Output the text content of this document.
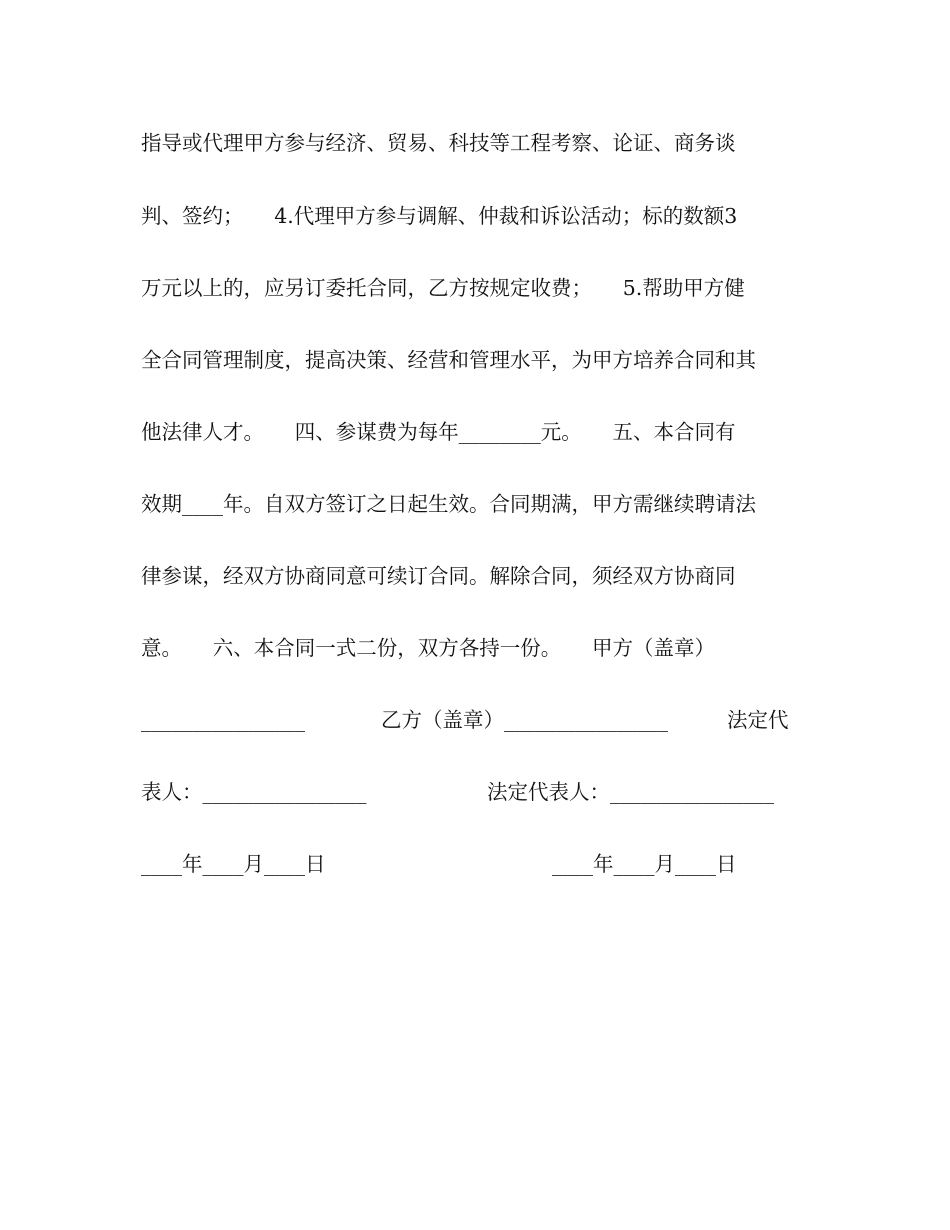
指导或代理甲方参与经济、贸易、科技等工程考察、论证、商务谈
判、签约；　　4.代理甲方参与调解、仲裁和诉讼活动；标的数额3
万元以上的，应另订委托合同，乙方按规定收费；　　5.帮助甲方健
全合同管理制度，提高决策、经营和管理水平，为甲方培养合同和其
他法律人才。　　四、参谋费为每年________元。　　五、本合同有
效期____年。自双方签订之日起生效。合同期满，甲方需继续聘请法
律参谋，经双方协商同意可续订合同。解除合同，须经双方协商同
意。　　六、本合同一式二份，双方各持一份。　　甲方（盖章）

________________

	乙方（盖章）________________

	法定代

表人：________________

	法定代表人：________________

____年____月____日

	____年____月____日
